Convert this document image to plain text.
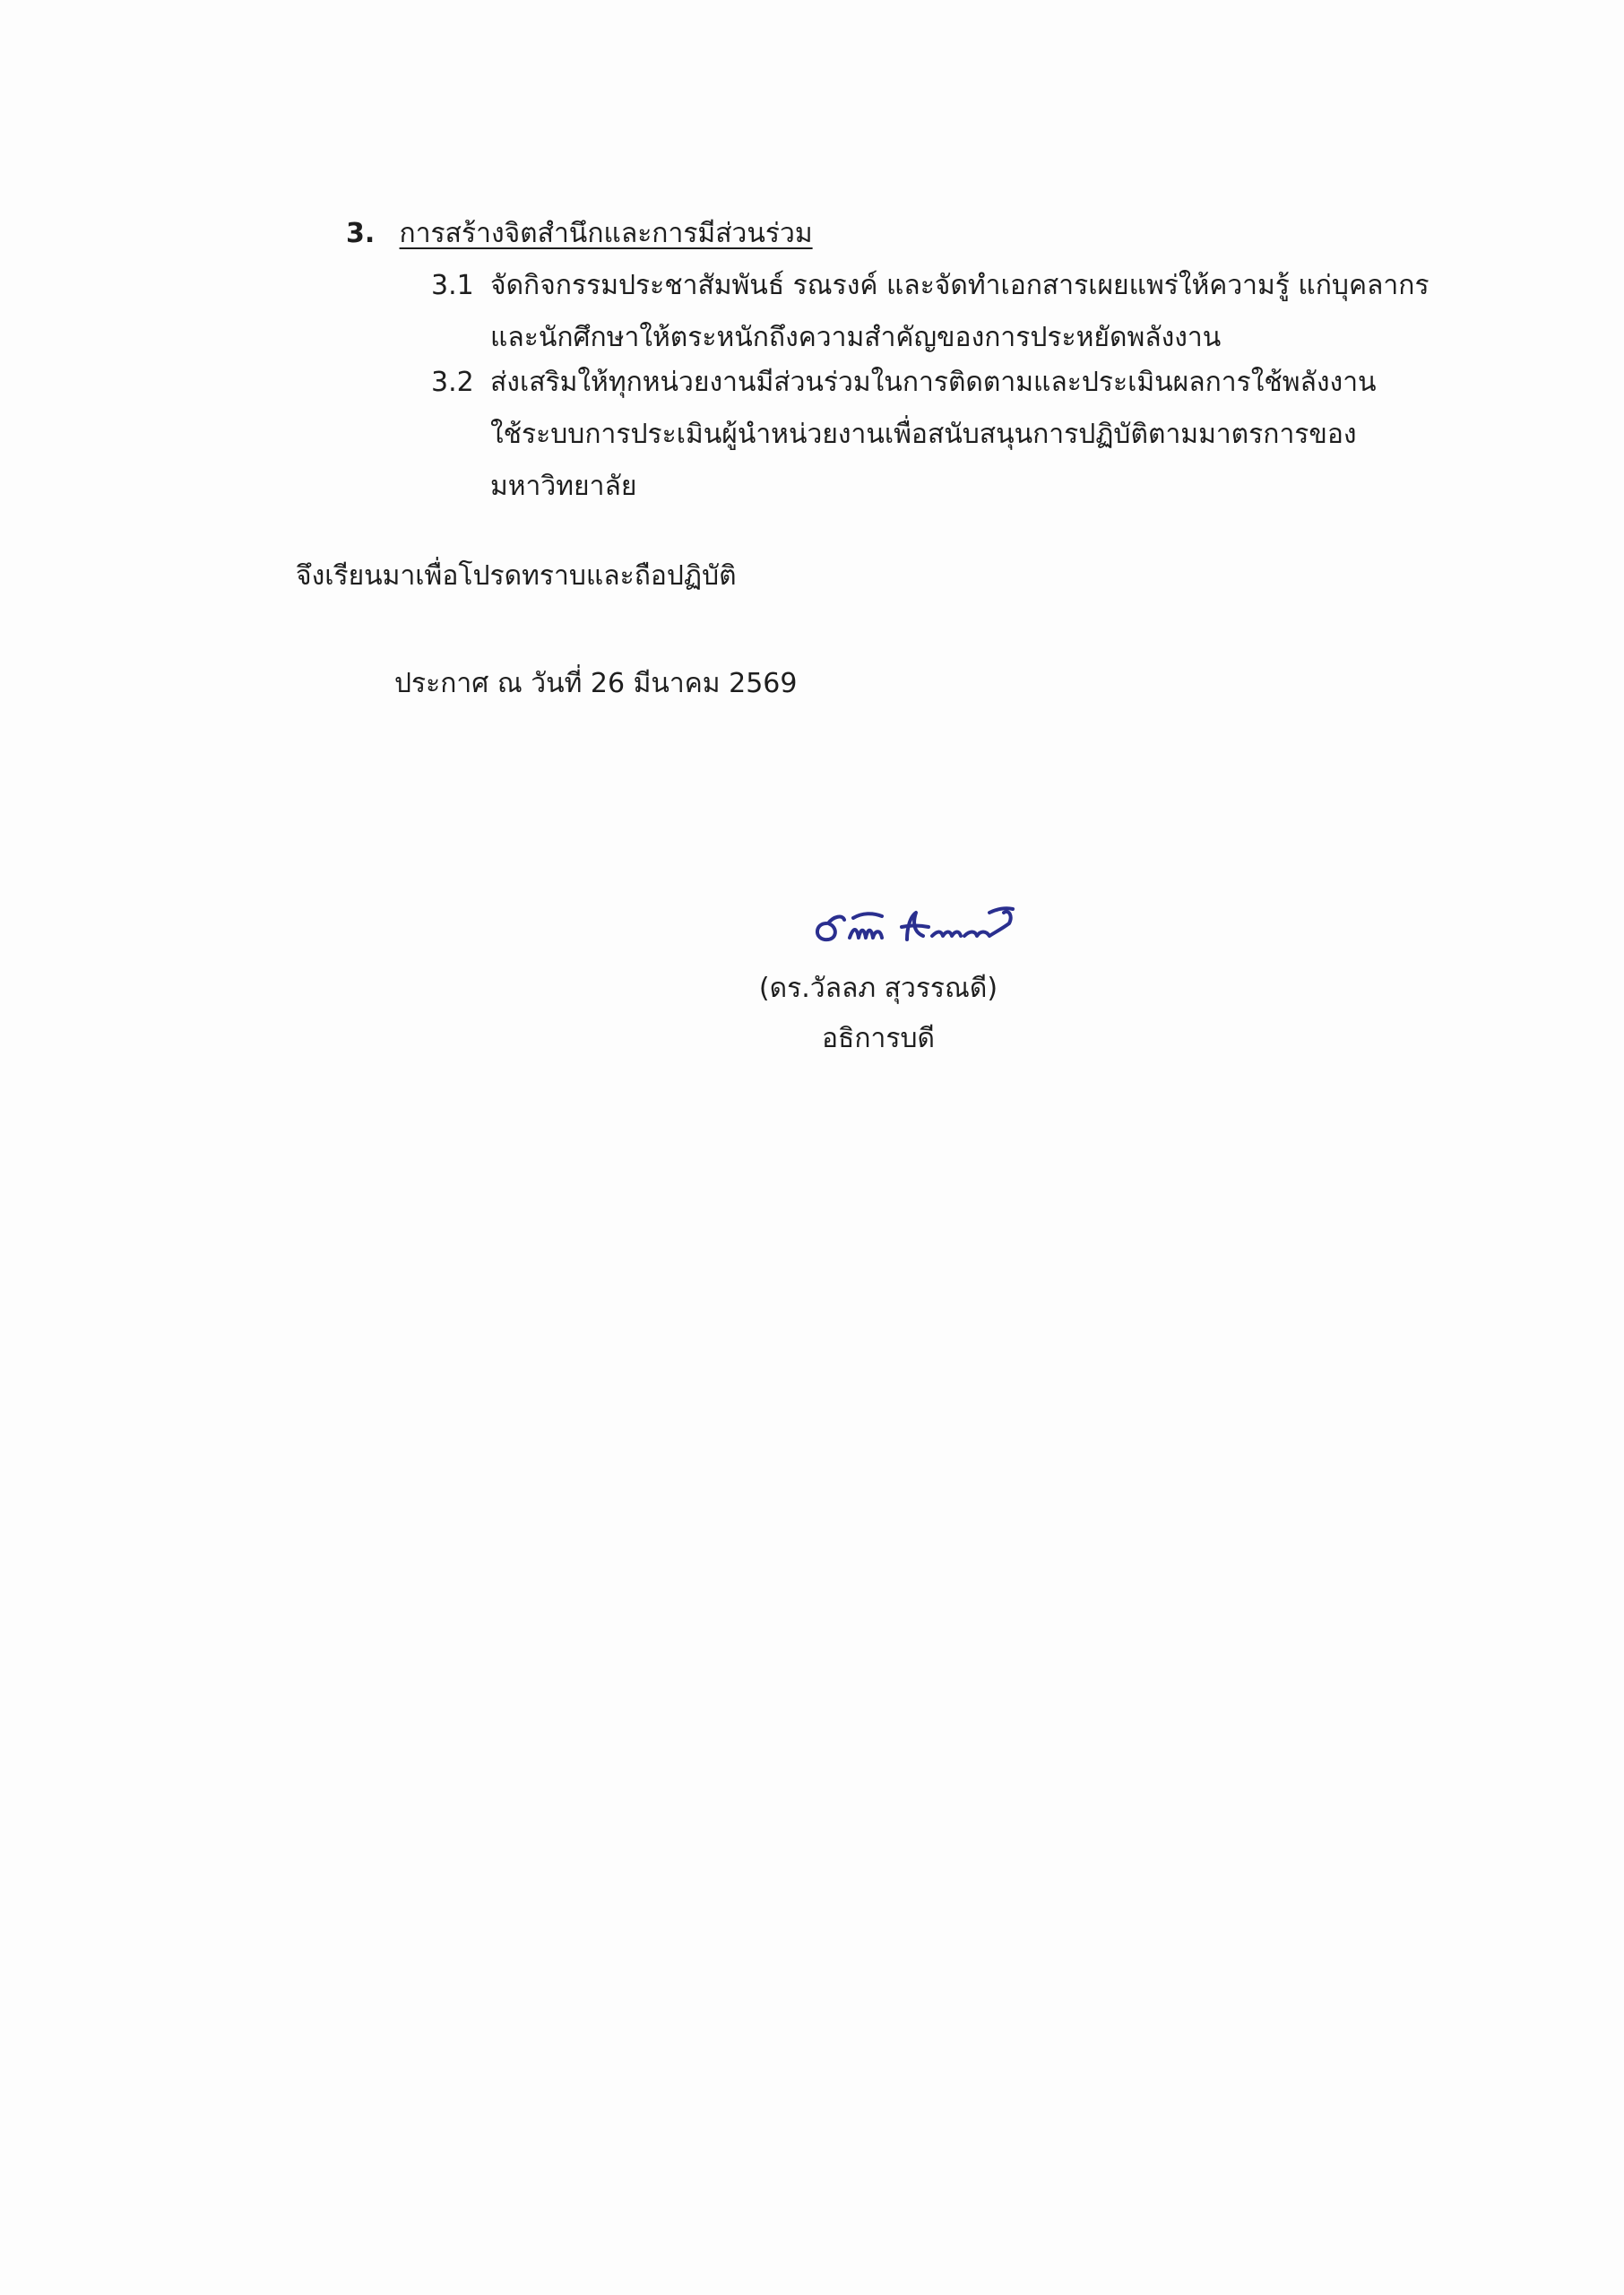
3. การสร้างจิตสำนึกและการมีส่วนร่วม
3.1 จัดกิจกรรมประชาสัมพันธ์ รณรงค์ และจัดทำเอกสารเผยแพร่ให้ความรู้ แก่บุคลากร
และนักศึกษาให้ตระหนักถึงความสำคัญของการประหยัดพลังงาน
3.2 ส่งเสริมให้ทุกหน่วยงานมีส่วนร่วมในการติดตามและประเมินผลการใช้พลังงาน
ใช้ระบบการประเมินผู้นำหน่วยงานเพื่อสนับสนุนการปฏิบัติตามมาตรการของ
มหาวิทยาลัย
จึงเรียนมาเพื่อโปรดทราบและถือปฏิบัติ
ประกาศ ณ วันที่ 26 มีนาคม 2569
(ดร.วัลลภ สุวรรณดี)
อธิการบดี
